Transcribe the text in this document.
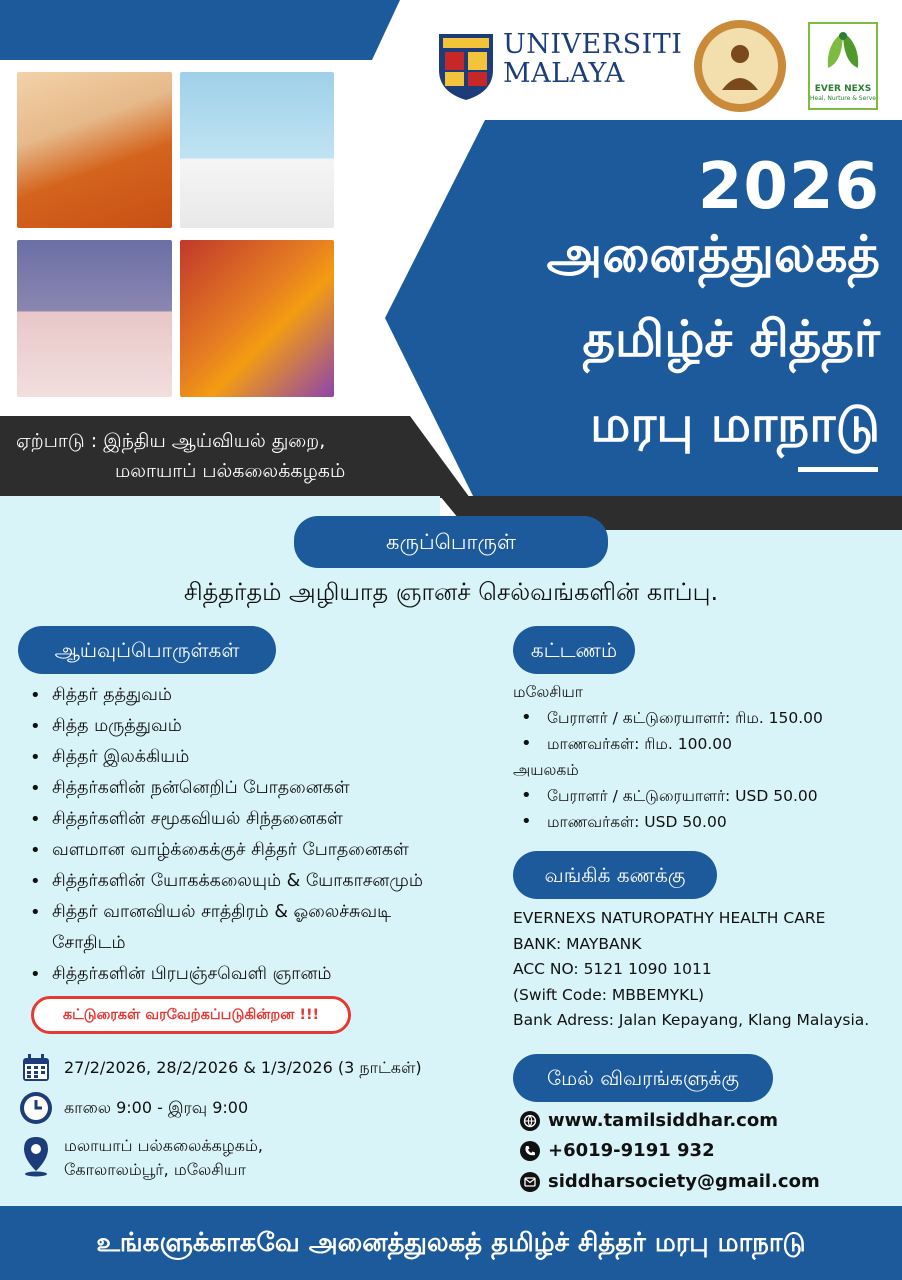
UNIVERSITI
MALAYA	EVER NEXS
Heal, Nurture & Serve
2026
அனைத்துலகத்
தமிழ்ச் சித்தர்
மரபு மாநாடு
ஏற்பாடு : இந்திய ஆய்வியல் துறை,
மலாயாப் பல்கலைக்கழகம்
கருப்பொருள்
சித்தர்தம் அழியாத ஞானச் செல்வங்களின் காப்பு.
ஆய்வுப்பொருள்கள்
• சித்தர் தத்துவம்
• சித்த மருத்துவம்
• சித்தர் இலக்கியம்
• சித்தர்களின் நன்னெறிப் போதனைகள்
• சித்தர்களின் சமூகவியல் சிந்தனைகள்
• வளமான வாழ்க்கைக்குச் சித்தர் போதனைகள்
• சித்தர்களின் யோகக்கலையும் & யோகாசனமும்
• சித்தர் வானவியல் சாத்திரம் & ஓலைச்சுவடி சோதிடம்
• சித்தர்களின் பிரபஞ்சவெளி ஞானம்
கட்டுரைகள் வரவேற்கப்படுகின்றன !!!
27/2/2026, 28/2/2026 & 1/3/2026 (3 நாட்கள்)
காலை 9:00 - இரவு 9:00
மலாயாப் பல்கலைக்கழகம்,
கோலாலம்பூர், மலேசியா
கட்டணம்
மலேசியா
• பேராளர் / கட்டுரையாளர்: ரிம. 150.00
• மாணவர்கள்: ரிம. 100.00
அயலகம்
• பேராளர் / கட்டுரையாளர்: USD 50.00
• மாணவர்கள்: USD 50.00
வங்கிக் கணக்கு
EVERNEXS NATUROPATHY HEALTH CARE
BANK: MAYBANK
ACC NO: 5121 1090 1011
(Swift Code: MBBEMYKL)
Bank Adress: Jalan Kepayang, Klang Malaysia.
மேல் விவரங்களுக்கு
www.tamilsiddhar.com
+6019-9191 932
siddharsociety@gmail.com
உங்களுக்காகவே அனைத்துலகத் தமிழ்ச் சித்தர் மரபு மாநாடு
